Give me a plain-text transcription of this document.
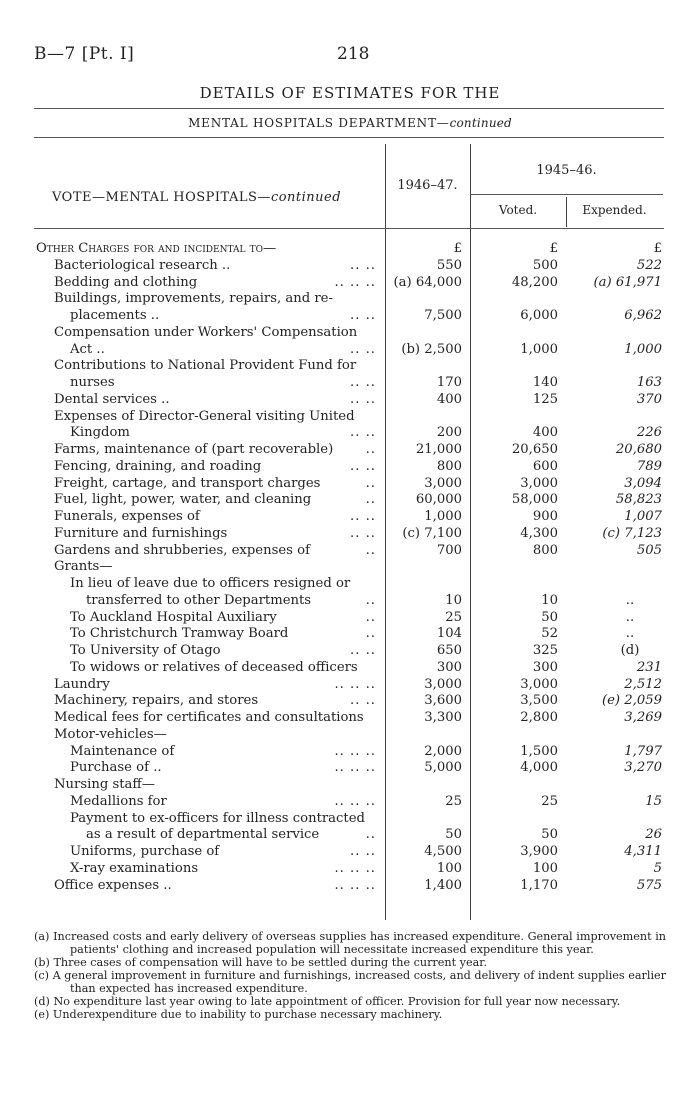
B—7 [Pt. I]	218
DETAILS OF ESTIMATES FOR THE
MENTAL HOSPITALS DEPARTMENT—continued
VOTE—MENTAL HOSPITALS—continued
1946–47.
1945–46.
Voted.	Expended.
Other Charges for and incidental to—	£	£	£
Bacteriological research ..	.. ..	550	500	522
Bedding and clothing	.. .. ..	(a) 64,000	48,200	(a) 61,971
Buildings, improvements, repairs, and re-
placements ..	.. ..	7,500	6,000	6,962
Compensation under Workers' Compensation
Act ..	.. ..	(b) 2,500	1,000	1,000
Contributions to National Provident Fund for
nurses	.. ..	170	140	163
Dental services ..	.. ..	400	125	370
Expenses of Director-General visiting United
Kingdom	.. ..	200	400	226
Farms, maintenance of (part recoverable)	..	21,000	20,650	20,680
Fencing, draining, and roading	.. ..	800	600	789
Freight, cartage, and transport charges	..	3,000	3,000	3,094
Fuel, light, power, water, and cleaning	..	60,000	58,000	58,823
Funerals, expenses of	.. ..	1,000	900	1,007
Furniture and furnishings	.. ..	(c) 7,100	4,300	(c) 7,123
Gardens and shrubberies, expenses of	..	700	800	505
Grants—
In lieu of leave due to officers resigned or
transferred to other Departments	..	10	10	..
To Auckland Hospital Auxiliary	..	25	50	..
To Christchurch Tramway Board	..	104	52	..
To University of Otago	.. ..	650	325	(d)
To widows or relatives of deceased officers	300	300	231
Laundry	.. .. ..	3,000	3,000	2,512
Machinery, repairs, and stores	.. ..	3,600	3,500	(e) 2,059
Medical fees for certificates and consultations	3,300	2,800	3,269
Motor-vehicles—
Maintenance of	.. .. ..	2,000	1,500	1,797
Purchase of ..	.. .. ..	5,000	4,000	3,270
Nursing staff—
Medallions for	.. .. ..	25	25	15
Payment to ex-officers for illness contracted
as a result of departmental service	..	50	50	26
Uniforms, purchase of	.. ..	4,500	3,900	4,311
X-ray examinations	.. .. ..	100	100	5
Office expenses ..	.. .. ..	1,400	1,170	575

(a) Increased costs and early delivery of overseas supplies has increased expenditure. General improvement in patients' clothing and increased population will necessitate increased expenditure this year.

(b) Three cases of compensation will have to be settled during the current year.

(c) A general improvement in furniture and furnishings, increased costs, and delivery of indent supplies earlier than expected has increased expenditure.

(d) No expenditure last year owing to late appointment of officer. Provision for full year now necessary.

(e) Underexpenditure due to inability to purchase necessary machinery.
